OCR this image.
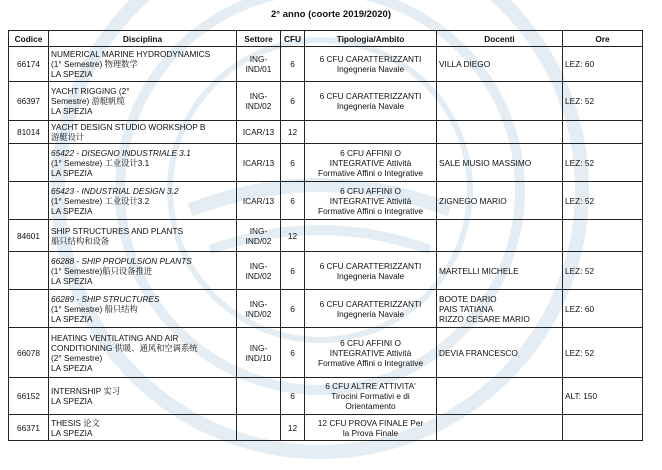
2° anno (coorte 2019/2020)
Codice	Disciplina	Settore	CFU	Tipologia/Ambito	Docenti	Ore
66174	NUMERICAL MARINE HYDRODYNAMICS
(1° Semestre) 物理数学
LA SPEZIA	ING-
IND/01	6	6 CFU CARATTERIZZANTI
Ingegneria Navale	VILLA DIEGO	LEZ: 60
66397	YACHT RIGGING (2°
Semestre) 游艇帆缆
LA SPEZIA	ING-
IND/02	6	6 CFU CARATTERIZZANTI
Ingegneria Navale		LEZ: 52
81014	YACHT DESIGN STUDIO WORKSHOP B
游艇设计	ICAR/13	12			

	65422 - DISEGNO INDUSTRIALE 3.1
(1° Semestre) 工业设计3.1
LA SPEZIA	ICAR/13	6	6 CFU AFFINI O
INTEGRATIVE Attività
Formative Affini o Integrative	SALE MUSIO MASSIMO	LEZ: 52

	65423 - INDUSTRIAL DESIGN 3.2
(1° Semestre) 工业设计3.2
LA SPEZIA	ICAR/13	6	6 CFU AFFINI O
INTEGRATIVE Attività
Formative Affini o Integrative	ZIGNEGO MARIO	LEZ: 52
84601	SHIP STRUCTURES AND PLANTS
船只结构和设备	ING-
IND/02	12			

	66288 - SHIP PROPULSION PLANTS
(1° Semestre)船只设备推进
LA SPEZIA	ING-
IND/02	6	6 CFU CARATTERIZZANTI
Ingegneria Navale	MARTELLI MICHELE	LEZ: 52

	66289 - SHIP STRUCTURES
(1° Semestre) 船只结构
LA SPEZIA	ING-
IND/02	6	6 CFU CARATTERIZZANTI
Ingegneria Navale	BOOTE DARIO
PAIS TATIANA
RIZZO CESARE MARIO	LEZ: 60
66078	HEATING VENTILATING AND AIR
CONDITIONING 供暖、通风和空调系统
(2° Semestre)
LA SPEZIA	ING-
IND/10	6	6 CFU AFFINI O
INTEGRATIVE Attività
Formative Affini o Integrative	DEVIA FRANCESCO	LEZ: 52
66152	INTERNSHIP 实习
LA SPEZIA		6	6 CFU ALTRE ATTIVITA'
Tirocini Formativi e di
Orientamento		ALT: 150
66371	THESIS 论文
LA SPEZIA		12	12 CFU PROVA FINALE Per
la Prova Finale		
